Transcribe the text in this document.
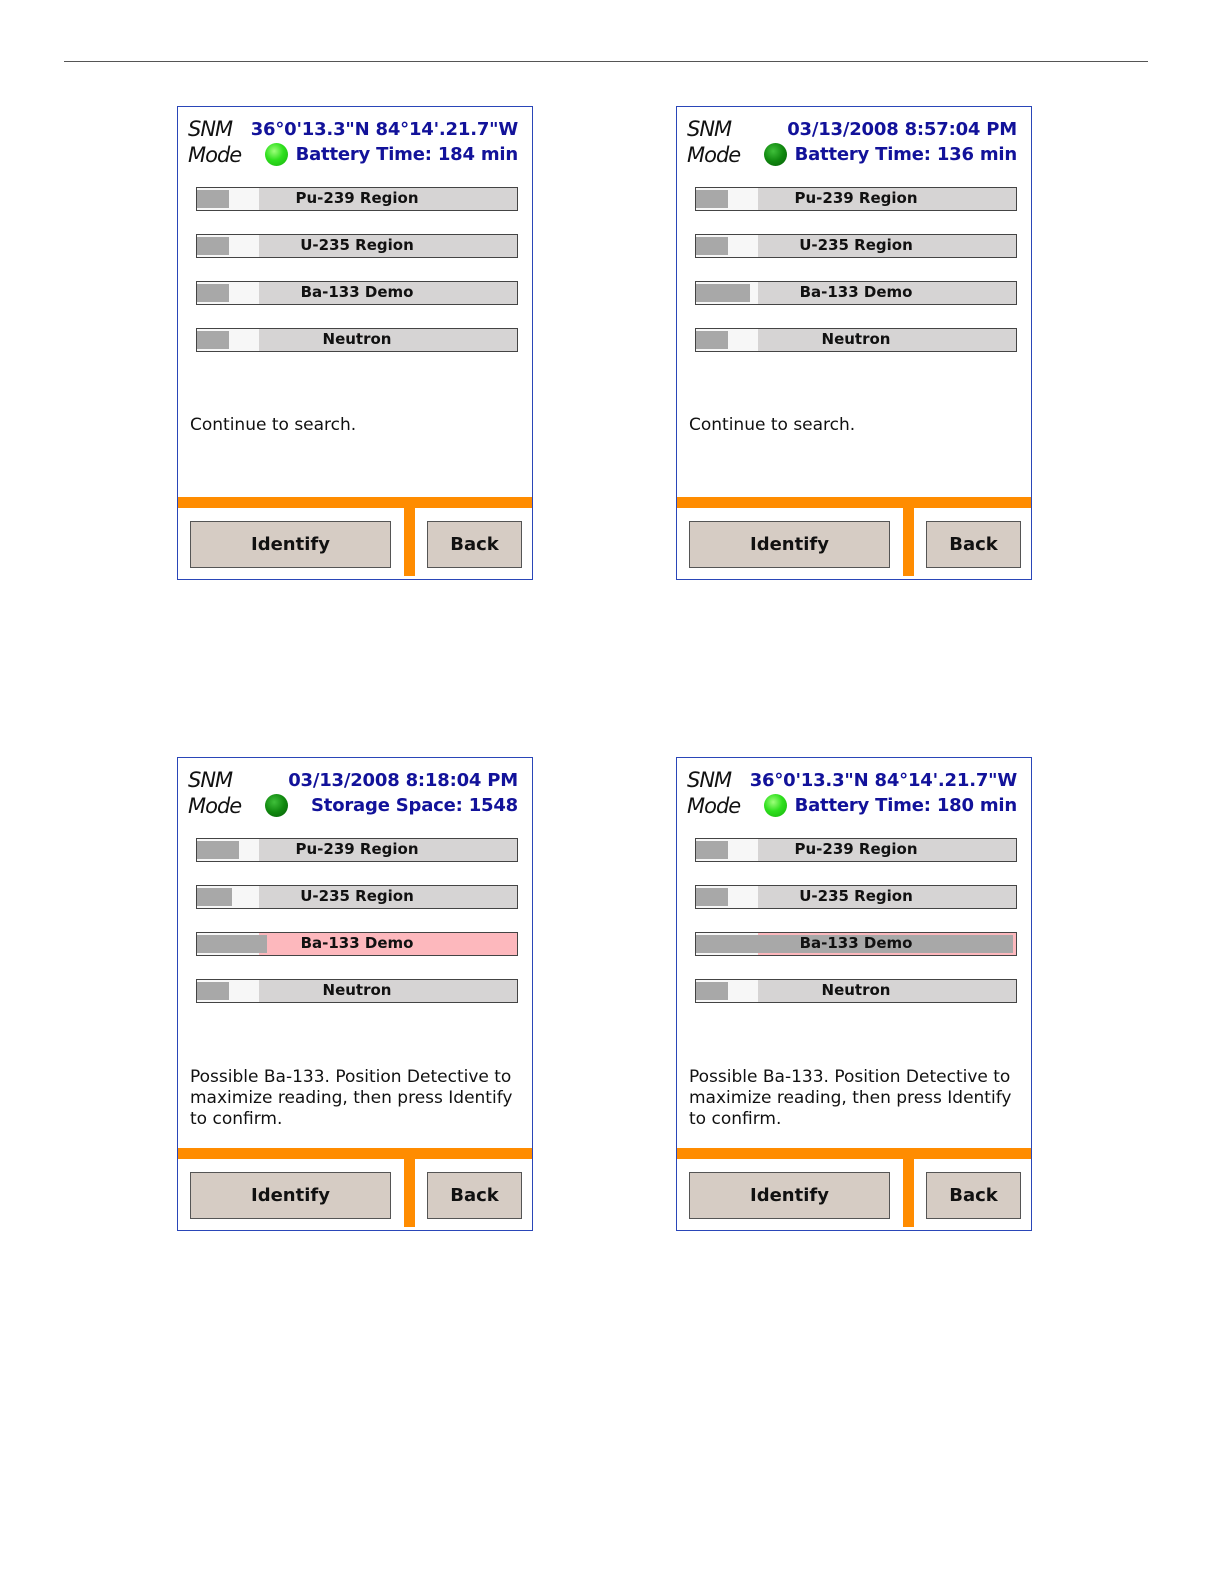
SNM
Mode
36°0'13.3"N 84°14'.21.7"W
Battery Time: 184 min
Pu-239 Region
U-235 Region
Ba-133 Demo
Neutron
Continue to search.
Identify	Back
SNM
Mode
03/13/2008 8:57:04 PM
Battery Time: 136 min
Pu-239 Region
U-235 Region
Ba-133 Demo
Neutron
Continue to search.
Identify	Back
SNM
Mode
03/13/2008 8:18:04 PM
Storage Space: 1548
Pu-239 Region
U-235 Region
Ba-133 Demo
Neutron
Possible Ba-133. Position Detective to maximize reading, then press Identify to confirm.
Identify	Back
SNM
Mode
36°0'13.3"N 84°14'.21.7"W
Battery Time: 180 min
Pu-239 Region
U-235 Region
Ba-133 Demo
Neutron
Possible Ba-133. Position Detective to maximize reading, then press Identify to confirm.
Identify	Back
